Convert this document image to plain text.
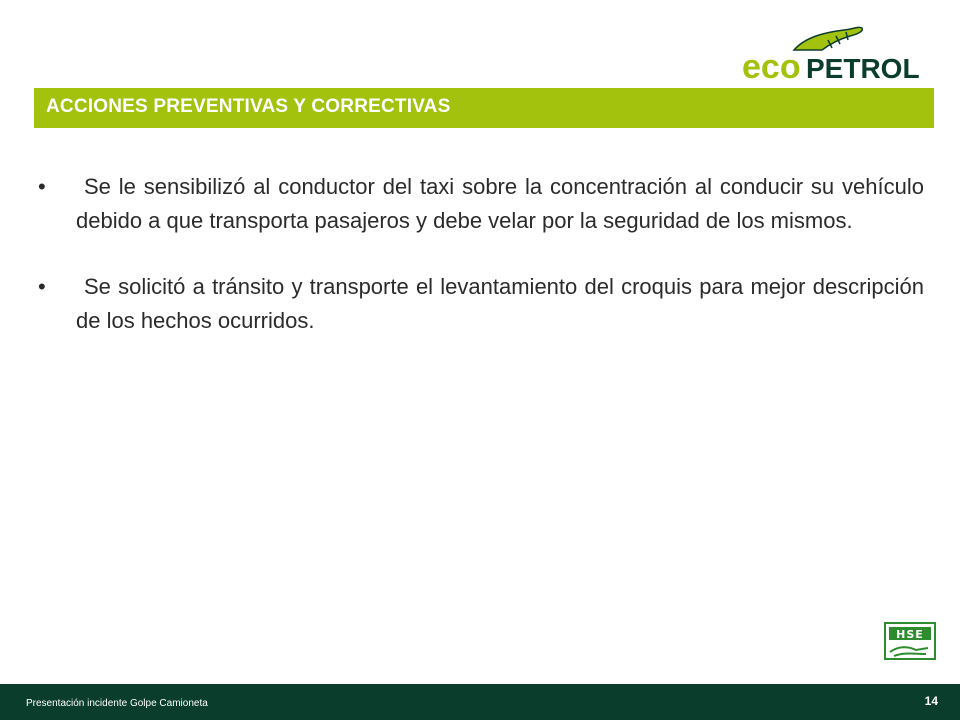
eco PETROL
ACCIONES PREVENTIVAS Y CORRECTIVAS
•	Se le sensibilizó al conductor del taxi sobre la concentración al conducir su vehículo debido a que transporta pasajeros y debe velar por la seguridad de los mismos.
•	Se solicitó a tránsito y transporte el levantamiento del croquis para mejor descripción de los hechos ocurridos.
HSE
Presentación incidente Golpe Camioneta	14
